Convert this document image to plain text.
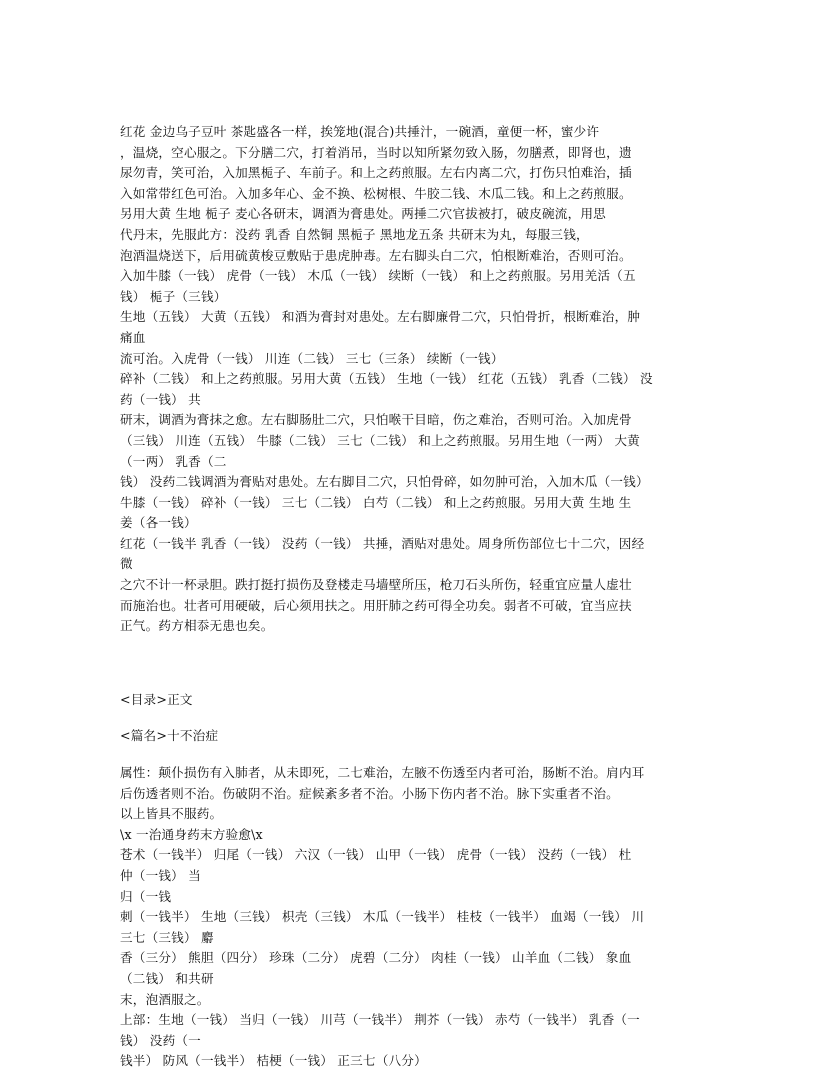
红花 金边乌子豆叶 茶匙盛各一样，挨笼地(混合)共捶汁，一碗酒，童便一杯，蜜少许
，温烧，空心服之。下分膳二穴，打着消吊，当时以知所紧勿致入肠，勿膳煮，即肾也，遗
尿勿青，笑可治，入加黑栀子、车前子。和上之药煎服。左右内离二穴，打伤只怕难治，插
入如常带红色可治。入加多年心、金不换、松树根、牛胶二钱、木瓜二钱。和上之药煎服。
另用大黄 生地 栀子 麦心各研末，调酒为膏患处。两捶二穴官拔被打，破皮碗流，用思
代丹末，先服此方：没药 乳香 自然铜 黑栀子 黑地龙五条 共研末为丸，每服三钱，
泡酒温烧送下，后用硫黄梭豆敷贴于患虎肿毒。左右脚头白二穴，怕根断难治，否则可治。
入加牛膝（一钱） 虎骨（一钱） 木瓜（一钱） 续断（一钱） 和上之药煎服。另用羌活（五
钱） 栀子（三钱）
生地（五钱） 大黄（五钱） 和酒为膏封对患处。左右脚廉骨二穴，只怕骨折，根断难治，肿
痛血
流可治。入虎骨（一钱） 川连（二钱） 三七（三条） 续断（一钱）
碎补（二钱） 和上之药煎服。另用大黄（五钱） 生地（一钱） 红花（五钱） 乳香（二钱） 没
药（一钱） 共
研末，调酒为膏抹之愈。左右脚肠肚二穴，只怕喉干目暗，伤之难治，否则可治。入加虎骨
（三钱） 川连（五钱） 牛膝（二钱） 三七（二钱） 和上之药煎服。另用生地（一两） 大黄
（一两） 乳香（二
钱） 没药二钱调酒为膏贴对患处。左右脚目二穴，只怕骨碎，如勿肿可治，入加木瓜（一钱）
牛膝（一钱） 碎补（一钱） 三七（二钱） 白芍（二钱） 和上之药煎服。另用大黄 生地 生
姜（各一钱）
红花（一钱半 乳香（一钱） 没药（一钱） 共捶，酒贴对患处。周身所伤部位七十二穴，因经
微
之穴不计一杯录胆。跌打挺打损伤及登楼走马墙壁所压，枪刀石头所伤，轻重宜应量人虚壮
而施治也。壮者可用硬破，后心须用扶之。用肝肺之药可得全功矣。弱者不可破，宜当应扶
正气。药方相忝无患也矣。
<目录>正文
<篇名>十不治症
属性：颠仆损伤有入肺者，从未即死，二七难治，左腋不伤透至内者可治，肠断不治。肩内耳
后伤透者则不治。伤破阴不治。症候紊多者不治。小肠下伤内者不治。脉下实重者不治。
以上皆具不服药。
\x 一治通身药末方验愈\x
苍术（一钱半） 归尾（一钱） 六汉（一钱） 山甲（一钱） 虎骨（一钱） 没药（一钱） 杜
仲（一钱） 当
归（一钱
刺（一钱半） 生地（三钱） 枳壳（三钱） 木瓜（一钱半） 桂枝（一钱半） 血竭（一钱） 川
三七（三钱） 麝
香（三分） 熊胆（四分） 珍珠（二分） 虎碧（二分） 肉桂（一钱） 山羊血（二钱） 象血
（二钱） 和共研
末，泡酒服之。
上部：生地（一钱） 当归（一钱） 川芎（一钱半） 荆芥（一钱） 赤芍（一钱半） 乳香（一
钱） 没药（一
钱半） 防风（一钱半） 桔梗（一钱） 正三七（八分）
